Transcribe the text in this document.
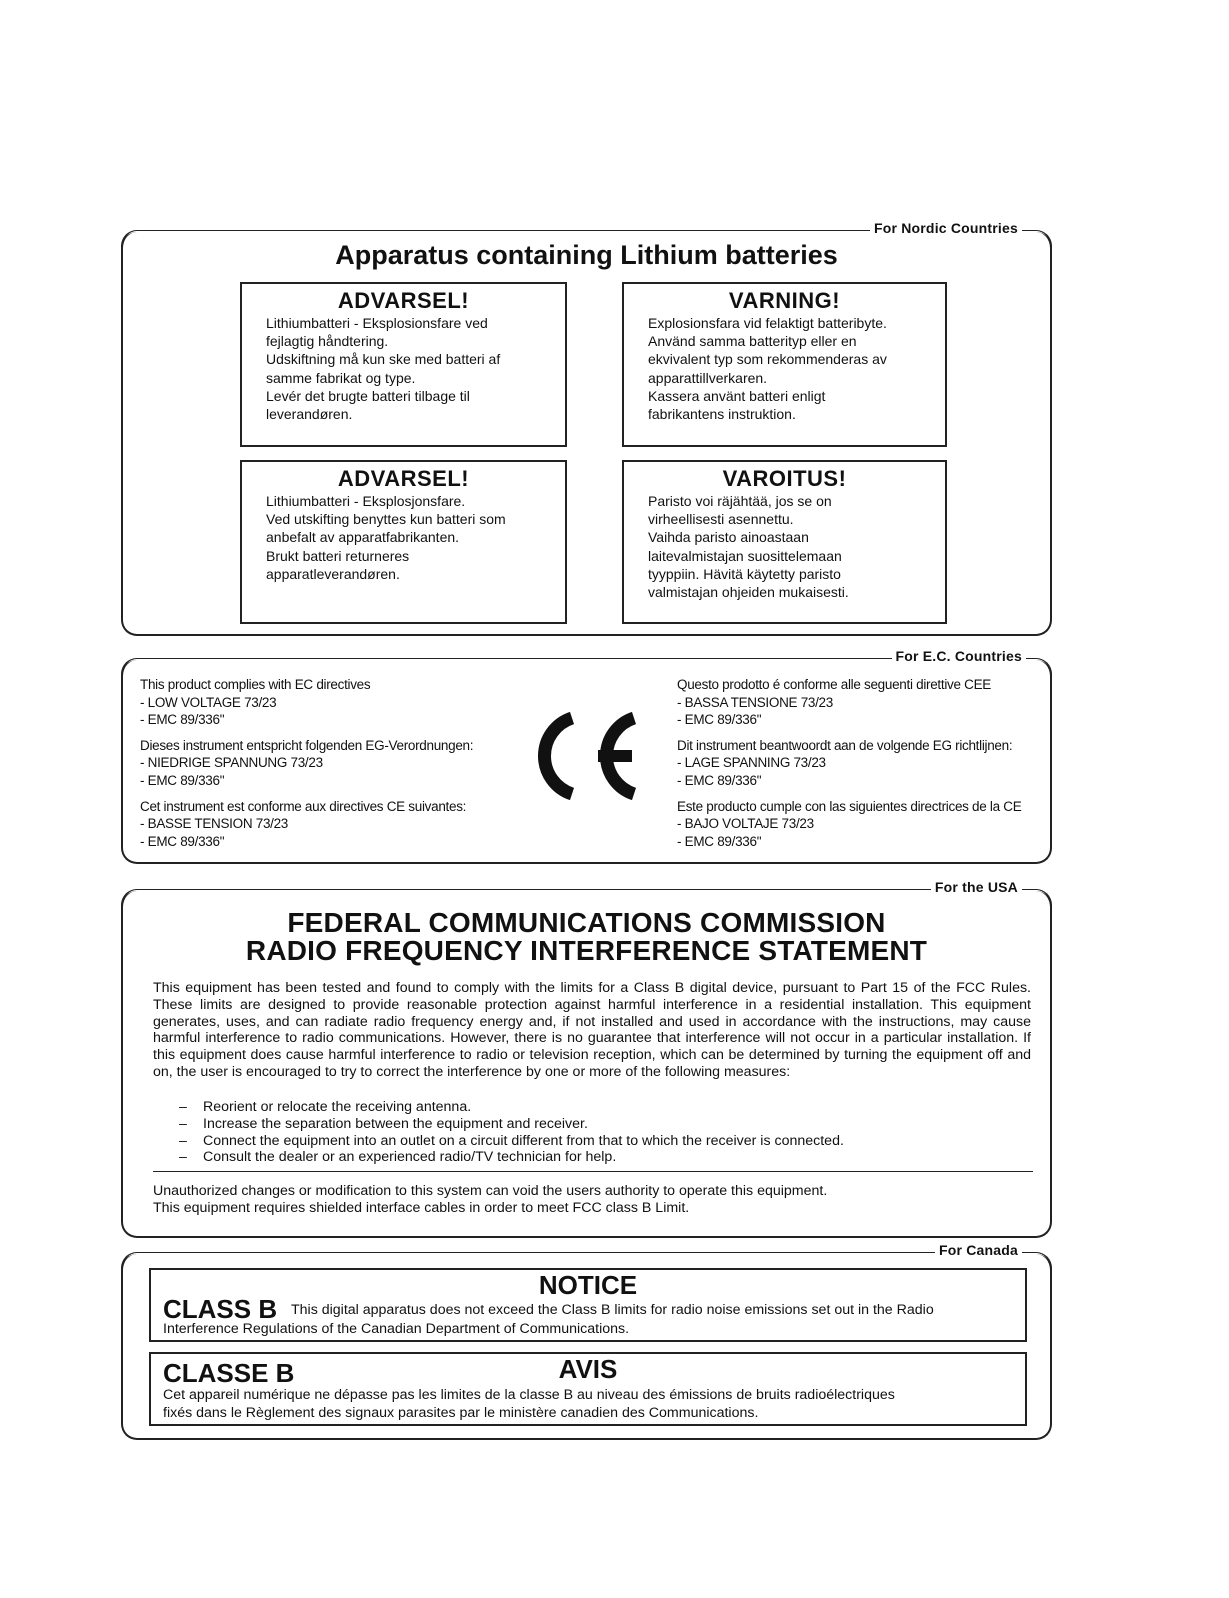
For Nordic Countries
Apparatus containing Lithium batteries
ADVARSEL!
Lithiumbatteri - Eksplosionsfare ved
fejlagtig håndtering.
Udskiftning må kun ske med batteri af
samme fabrikat og type.
Levér det brugte batteri tilbage til
leverandøren.
VARNING!
Explosionsfara vid felaktigt batteribyte.
Använd samma batterityp eller en
ekvivalent typ som rekommenderas av
apparattillverkaren.
Kassera använt batteri enligt
fabrikantens instruktion.
ADVARSEL!
Lithiumbatteri - Eksplosjonsfare.
Ved utskifting benyttes kun batteri som
anbefalt av apparatfabrikanten.
Brukt batteri returneres
apparatleverandøren.
VAROITUS!
Paristo voi räjähtää, jos se on
virheellisesti asennettu.
Vaihda paristo ainoastaan
laitevalmistajan suosittelemaan
tyyppiin. Hävitä käytetty paristo
valmistajan ohjeiden mukaisesti.
For E.C. Countries
This product complies with EC directives
- LOW VOLTAGE 73/23
- EMC 89/336"
Dieses instrument entspricht folgenden EG-Verordnungen:
- NIEDRIGE SPANNUNG 73/23
- EMC 89/336"
Cet instrument est conforme aux directives CE suivantes:
- BASSE TENSION 73/23
- EMC 89/336"
Questo prodotto é conforme alle seguenti direttive CEE
- BASSA TENSIONE 73/23
- EMC 89/336"
Dit instrument beantwoordt aan de volgende EG richtlijnen:
- LAGE SPANNING 73/23
- EMC 89/336"
Este producto cumple con las siguientes directrices de la CE
- BAJO VOLTAJE 73/23
- EMC 89/336"
For the USA
FEDERAL COMMUNICATIONS COMMISSION
RADIO FREQUENCY INTERFERENCE STATEMENT
This equipment has been tested and found to comply with the limits for a Class B digital device, pursuant to Part 15 of the FCC Rules. These limits are designed to provide reasonable protection against harmful interference in a residential installation. This equipment generates, uses, and can radiate radio frequency energy and, if not installed and used in accordance with the instructions, may cause harmful interference to radio communications. However, there is no guarantee that interference will not occur in a particular installation. If this equipment does cause harmful interference to radio or television reception, which can be determined by turning the equipment off and on, the user is encouraged to try to correct the interference by one or more of the following measures:
– Reorient or relocate the receiving antenna.
– Increase the separation between the equipment and receiver.
– Connect the equipment into an outlet on a circuit different from that to which the receiver is connected.
– Consult the dealer or an experienced radio/TV technician for help.
Unauthorized changes or modification to this system can void the users authority to operate this equipment.
This equipment requires shielded interface cables in order to meet FCC class B Limit.
For Canada
NOTICE
CLASS B This digital apparatus does not exceed the Class B limits for radio noise emissions set out in the Radio
Interference Regulations of the Canadian Department of Communications.
AVIS
CLASSE B
Cet appareil numérique ne dépasse pas les limites de la classe B au niveau des émissions de bruits radioélectriques
fixés dans le Règlement des signaux parasites par le ministère canadien des Communications.
